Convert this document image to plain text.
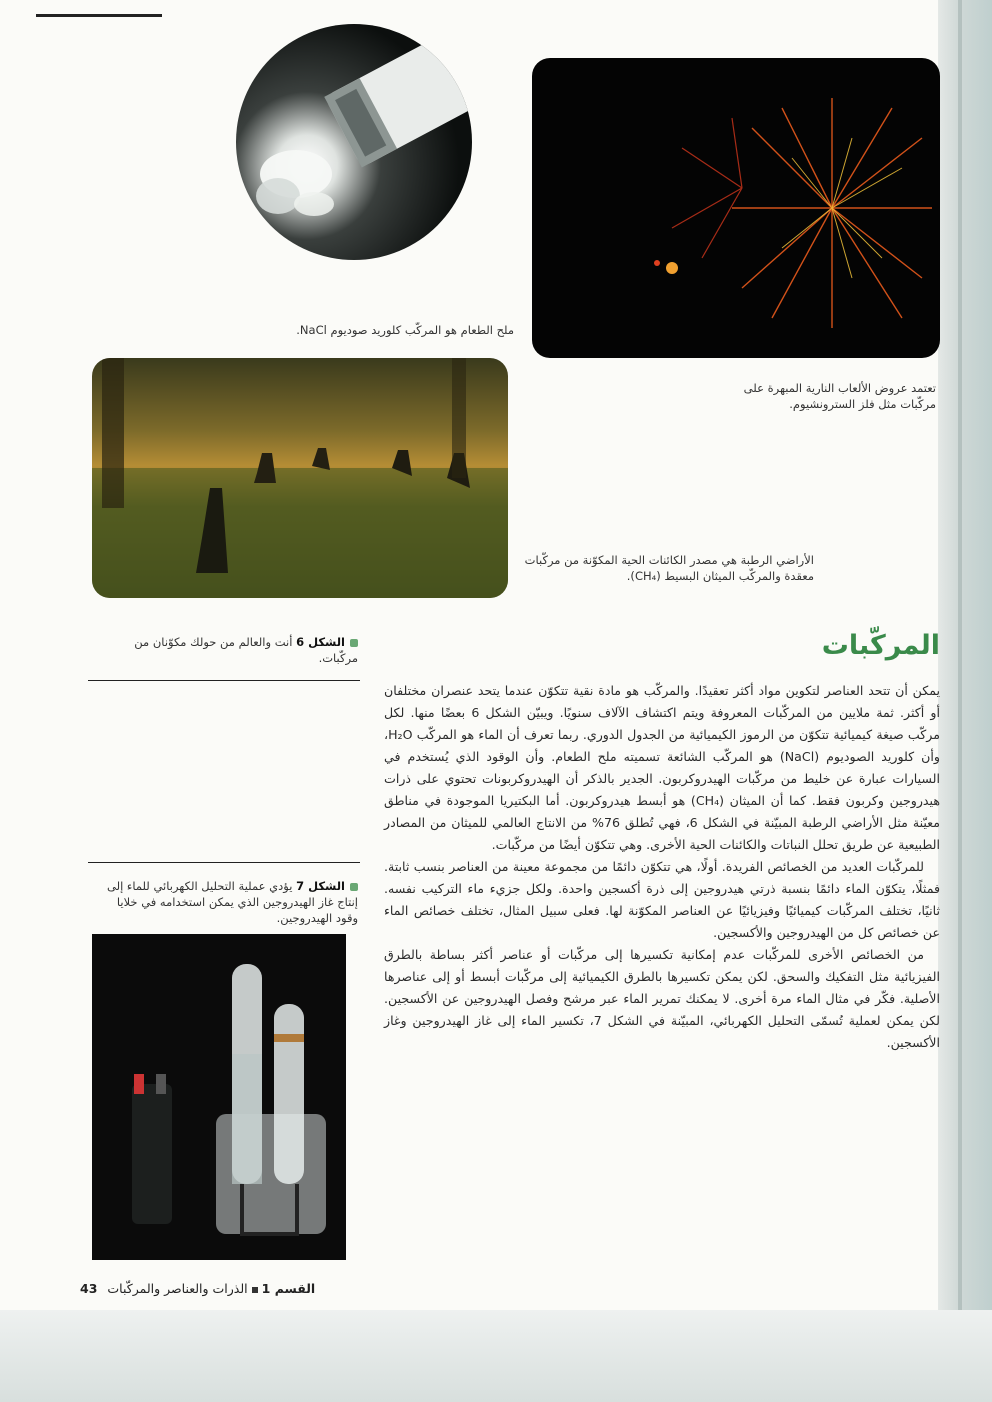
ملح الطعام هو المركّب كلوريد صوديوم NaCl.
تعتمد عروض الألعاب النارية المبهرة على مركّبات مثل فلز السترونشيوم.
الأراضي الرطبة هي مصدر الكائنات الحية المكوّنة من مركّبات معقدة والمركّب الميثان البسيط (CH₄).
الشكل 6 أنت والعالم من حولك مكوّنان من مركّبات.
الشكل 7 يؤدي عملية التحليل الكهربائي للماء إلى إنتاج غاز الهيدروجين الذي يمكن استخدامه في خلايا وقود الهيدروجين.
المركّبات

يمكن أن تتحد العناصر لتكوين مواد أكثر تعقيدًا. والمركّب هو مادة نقية تتكوّن عندما يتحد عنصران مختلفان أو أكثر. ثمة ملايين من المركّبات المعروفة ويتم اكتشاف الآلاف سنويًا. ويبيّن الشكل 6 بعضًا منها. لكل مركّب صيغة كيميائية تتكوّن من الرموز الكيميائية من الجدول الدوري. ربما تعرف أن الماء هو المركّب H₂O، وأن كلوريد الصوديوم (NaCl) هو المركّب الشائعة تسميته ملح الطعام. وأن الوقود الذي يُستخدم في السيارات عبارة عن خليط من مركّبات الهيدروكربون. الجدير بالذكر أن الهيدروكربونات تحتوي على ذرات هيدروجين وكربون فقط. كما أن الميثان (CH₄) هو أبسط هيدروكربون. أما البكتيريا الموجودة في مناطق معيّنة مثل الأراضي الرطبة المبيّنة في الشكل 6، فهي تُطلق 76% من الانتاج العالمي للميثان من المصادر الطبيعية عن طريق تحلل النباتات والكائنات الحية الأخرى. وهي تتكوّن أيضًا من مركّبات.

للمركّبات العديد من الخصائص الفريدة. أولًا، هي تتكوّن دائمًا من مجموعة معينة من العناصر بنسب ثابتة. فمثلًا، يتكوّن الماء دائمًا بنسبة ذرتي هيدروجين إلى ذرة أكسجين واحدة. ولكل جزيء ماء التركيب نفسه. ثانيًا، تختلف المركّبات كيميائيًا وفيزيائيًا عن العناصر المكوّنة لها. فعلى سبيل المثال، تختلف خصائص الماء عن خصائص كل من الهيدروجين والأكسجين.

من الخصائص الأخرى للمركّبات عدم إمكانية تكسيرها إلى مركّبات أو عناصر أكثر بساطة بالطرق الفيزيائية مثل التفكيك والسحق. لكن يمكن تكسيرها بالطرق الكيميائية إلى مركّبات أبسط أو إلى عناصرها الأصلية. فكّر في مثال الماء مرة أخرى. لا يمكنك تمرير الماء عبر مرشح وفصل الهيدروجين عن الأكسجين. لكن يمكن لعملية تُسمّى التحليل الكهربائي، المبيّنة في الشكل 7، تكسير الماء إلى غاز الهيدروجين وغاز الأكسجين.

القسم 1الذرات والعناصر والمركّبات43
